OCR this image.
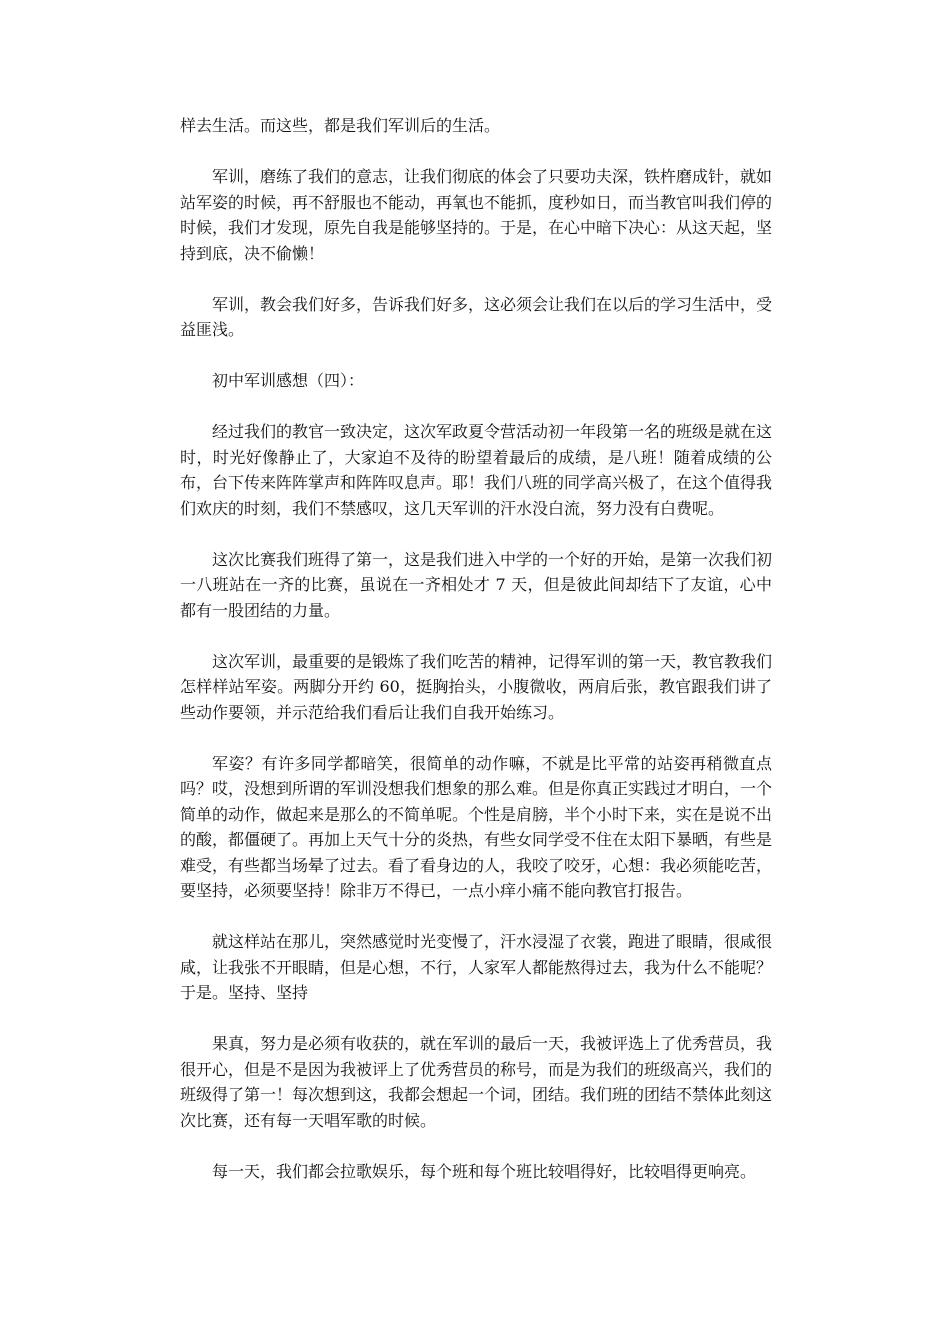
样去生活。而这些，都是我们军训后的生活。

军训，磨练了我们的意志，让我们彻底的体会了只要功夫深，铁杵磨成针，就如站军姿的时候，再不舒服也不能动，再氧也不能抓，度秒如日，而当教官叫我们停的时候，我们才发现，原先自我是能够坚持的。于是，在心中暗下决心：从这天起，坚持到底，决不偷懒！

军训，教会我们好多，告诉我们好多，这必须会让我们在以后的学习生活中，受益匪浅。

初中军训感想（四）：

经过我们的教官一致决定，这次军政夏令营活动初一年段第一名的班级是就在这时，时光好像静止了，大家迫不及待的盼望着最后的成绩，是八班！随着成绩的公布，台下传来阵阵掌声和阵阵叹息声。耶！我们八班的同学高兴极了，在这个值得我们欢庆的时刻，我们不禁感叹，这几天军训的汗水没白流，努力没有白费呢。

这次比赛我们班得了第一，这是我们进入中学的一个好的开始，是第一次我们初一八班站在一齐的比赛，虽说在一齐相处才 7 天，但是彼此间却结下了友谊，心中都有一股团结的力量。

这次军训，最重要的是锻炼了我们吃苦的精神，记得军训的第一天，教官教我们怎样样站军姿。两脚分开约 60，挺胸抬头，小腹微收，两肩后张，教官跟我们讲了些动作要领，并示范给我们看后让我们自我开始练习。

军姿？有许多同学都暗笑，很简单的动作嘛，不就是比平常的站姿再稍微直点吗？哎，没想到所谓的军训没想我们想象的那么难。但是你真正实践过才明白，一个简单的动作，做起来是那么的不简单呢。个性是肩膀，半个小时下来，实在是说不出的酸，都僵硬了。再加上天气十分的炎热，有些女同学受不住在太阳下暴晒，有些是难受，有些都当场晕了过去。看了看身边的人，我咬了咬牙，心想：我必须能吃苦，要坚持，必须要坚持！除非万不得已，一点小痒小痛不能向教官打报告。

就这样站在那儿，突然感觉时光变慢了，汗水浸湿了衣裳，跑进了眼睛，很咸很咸，让我张不开眼睛，但是心想，不行，人家军人都能熬得过去，我为什么不能呢？于是。坚持、坚持

果真，努力是必须有收获的，就在军训的最后一天，我被评选上了优秀营员，我很开心，但是不是因为我被评上了优秀营员的称号，而是为我们的班级高兴，我们的班级得了第一！每次想到这，我都会想起一个词，团结。我们班的团结不禁体此刻这次比赛，还有每一天唱军歌的时候。

每一天，我们都会拉歌娱乐，每个班和每个班比较唱得好，比较唱得更响亮。
